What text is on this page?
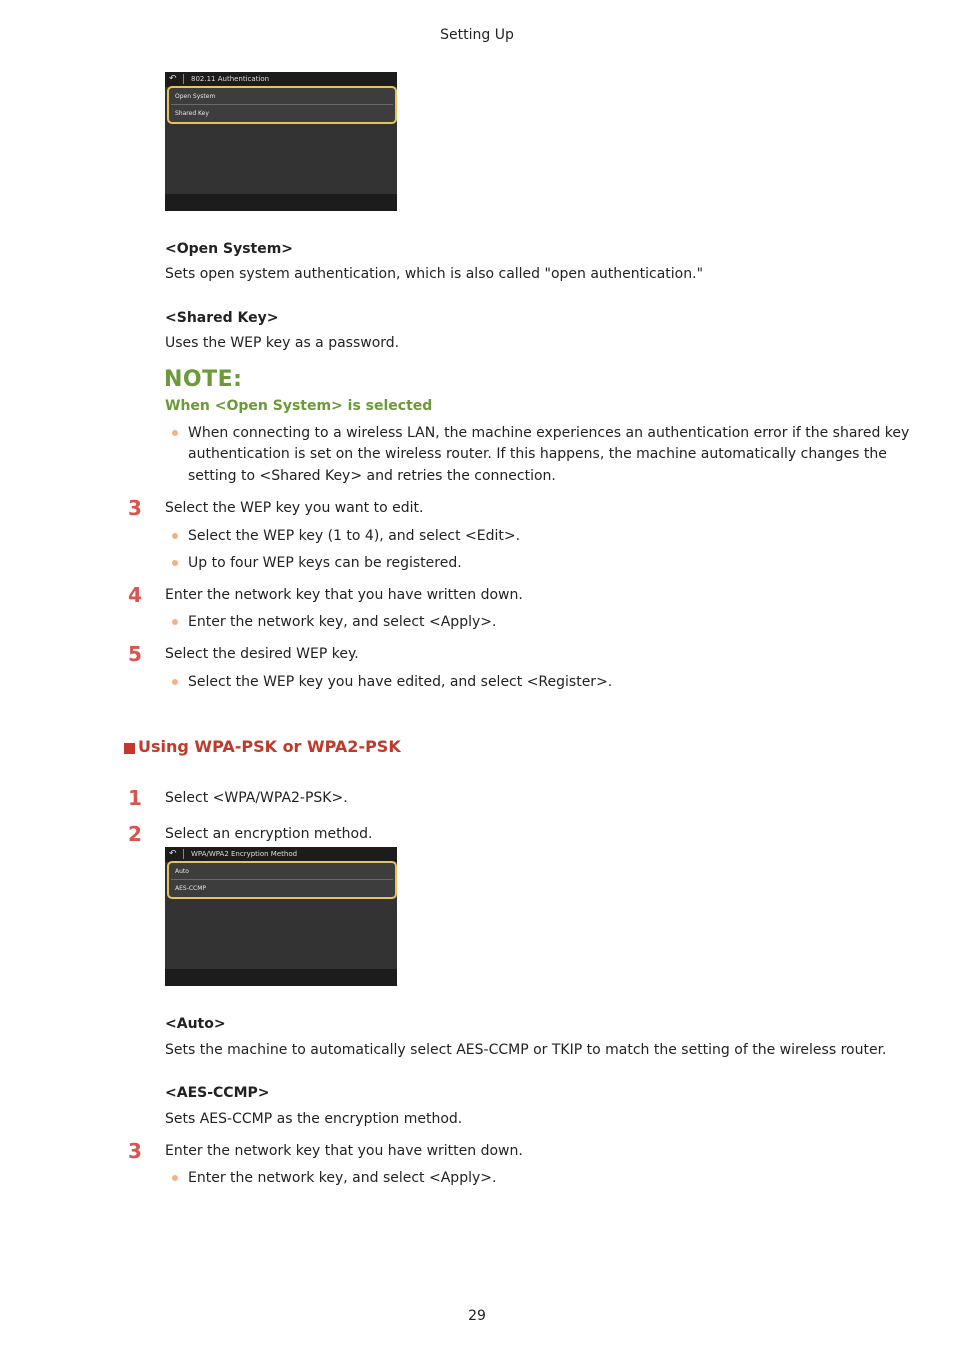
Setting Up
↶ 802.11 Authentication
Open System
Shared Key
<Open System>
Sets open system authentication, which is also called "open authentication."
<Shared Key>
Uses the WEP key as a password.
NOTE:
When <Open System> is selected
When connecting to a wireless LAN, the machine experiences an authentication error if the shared key
authentication is set on the wireless router. If this happens, the machine automatically changes the
setting to <Shared Key> and retries the connection.
3 Select the WEP key you want to edit.
Select the WEP key (1 to 4), and select <Edit>.
Up to four WEP keys can be registered.
4 Enter the network key that you have written down.
Enter the network key, and select <Apply>.
5 Select the desired WEP key.
Select the WEP key you have edited, and select <Register>.
Using WPA-PSK or WPA2-PSK
1 Select <WPA/WPA2-PSK>.
2 Select an encryption method.
↶ WPA/WPA2 Encryption Method
Auto
AES-CCMP
<Auto>
Sets the machine to automatically select AES-CCMP or TKIP to match the setting of the wireless router.
<AES-CCMP>
Sets AES-CCMP as the encryption method.
3 Enter the network key that you have written down.
Enter the network key, and select <Apply>.
29
